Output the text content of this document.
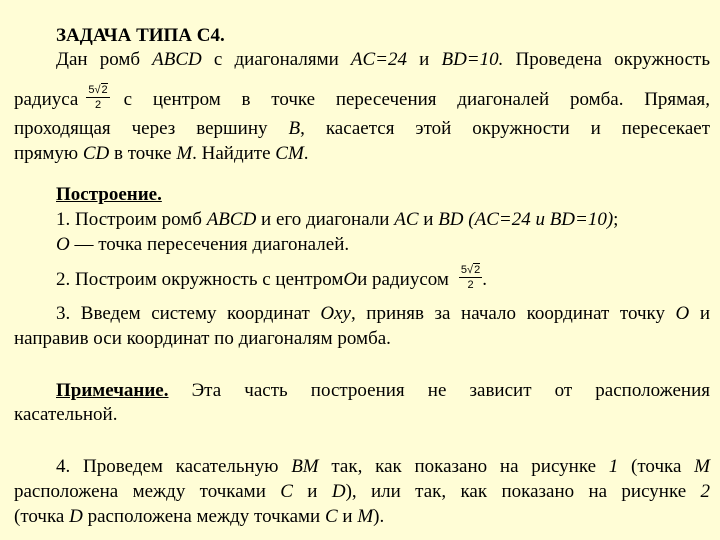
ЗАДАЧА ТИПА С4.
Дан ромб ABCD с диагоналями AC=24 и BD=10. Проведена окружность
радиуса $\frac{5√2}{2}$ с центром в точке пересечения диагоналей ромба. Прямая,
проходящая через вершину B, касается этой окружности и пересекает
прямую CD в точке M. Найдите CM.
Построение.
1. Построим ромб ABCD и его диагонали AC и BD (AC=24 и BD=10);
O — точка пересечения диагоналей.
2. Построим окружность с центром O и радиусом $\frac{5√2}{2}$ .
3. Введем систему координат Oxy, приняв за начало координат точку O и
направив оси координат по диагоналям ромба.
Примечание. Эта часть построения не зависит от расположения
касательной.
4. Проведем касательную BM так, как показано на рисунке 1 (точка M
расположена между точками C и D), или так, как показано на рисунке 2
(точка D расположена между точками C и M).
